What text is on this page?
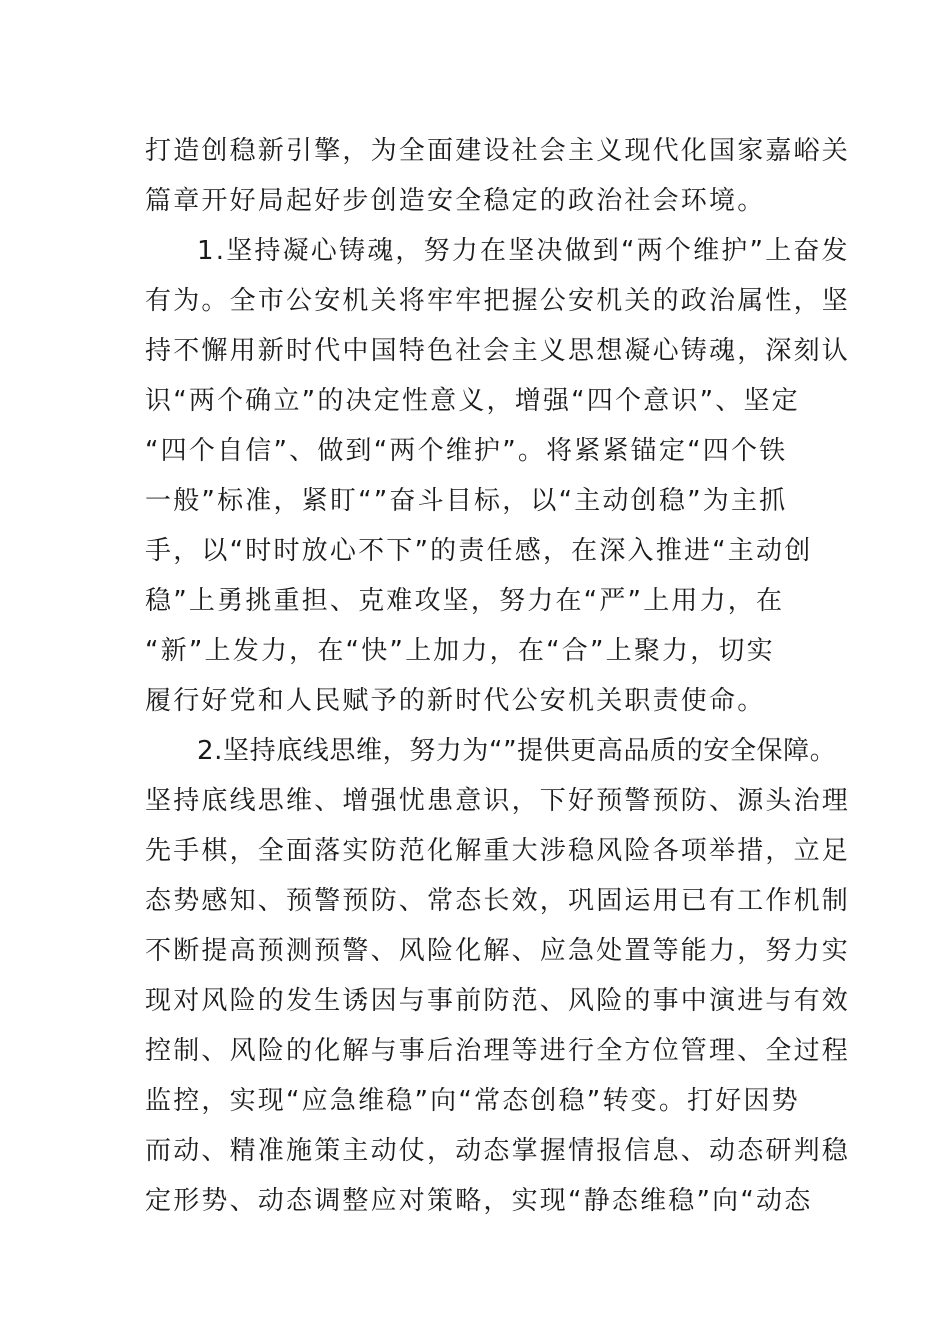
打造创稳新引擎，为全面建设社会主义现代化国家嘉峪关

篇章开好局起好步创造安全稳定的政治社会环境。

1.坚持凝心铸魂，努力在坚决做到“两个维护”上奋发

有为。全市公安机关将牢牢把握公安机关的政治属性，坚

持不懈用新时代中国特色社会主义思想凝心铸魂，深刻认

识“两个确立”的决定性意义，增强“四个意识”、坚定

“四个自信”、做到“两个维护”。将紧紧锚定“四个铁

一般”标准，紧盯“”奋斗目标，以“主动创稳”为主抓

手，以“时时放心不下”的责任感，在深入推进“主动创

稳”上勇挑重担、克难攻坚，努力在“严”上用力，在

“新”上发力，在“快”上加力，在“合”上聚力，切实

履行好党和人民赋予的新时代公安机关职责使命。

2.坚持底线思维，努力为“”提供更高品质的安全保障。

坚持底线思维、增强忧患意识，下好预警预防、源头治理

先手棋，全面落实防范化解重大涉稳风险各项举措，立足

态势感知、预警预防、常态长效，巩固运用已有工作机制

不断提高预测预警、风险化解、应急处置等能力，努力实

现对风险的发生诱因与事前防范、风险的事中演进与有效

控制、风险的化解与事后治理等进行全方位管理、全过程

监控，实现“应急维稳”向“常态创稳”转变。打好因势

而动、精准施策主动仗，动态掌握情报信息、动态研判稳

定形势、动态调整应对策略，实现“静态维稳”向“动态
